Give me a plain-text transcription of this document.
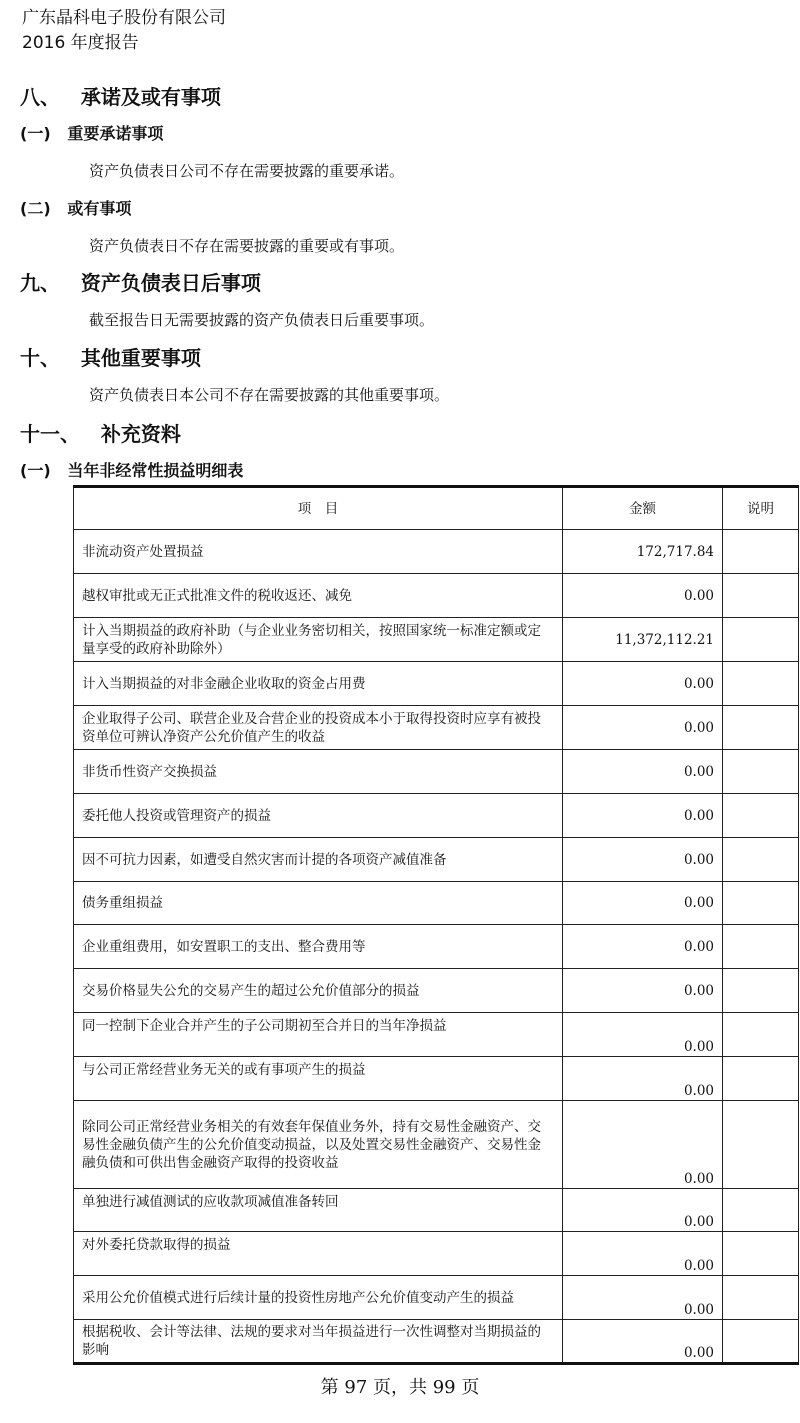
广东晶科电子股份有限公司
2016 年度报告
八、 承诺及或有事项
(一) 重要承诺事项
资产负债表日公司不存在需要披露的重要承诺。
(二) 或有事项
资产负债表日不存在需要披露的重要或有事项。
九、 资产负债表日后事项
截至报告日无需要披露的资产负债表日后重要事项。
十、 其他重要事项
资产负债表日本公司不存在需要披露的其他重要事项。
十一、 补充资料
(一) 当年非经常性损益明细表
项　目	金额	说明
非流动资产处置损益	172,717.84	
越权审批或无正式批准文件的税收返还、减免	0.00	
计入当期损益的政府补助（与企业业务密切相关，按照国家统一标准定额或定量享受的政府补助除外）	11,372,112.21	
计入当期损益的对非金融企业收取的资金占用费	0.00	
企业取得子公司、联营企业及合营企业的投资成本小于取得投资时应享有被投资单位可辨认净资产公允价值产生的收益	0.00	
非货币性资产交换损益	0.00	
委托他人投资或管理资产的损益	0.00	
因不可抗力因素，如遭受自然灾害而计提的各项资产减值准备	0.00	
债务重组损益	0.00	
企业重组费用，如安置职工的支出、整合费用等	0.00	
交易价格显失公允的交易产生的超过公允价值部分的损益	0.00	
同一控制下企业合并产生的子公司期初至合并日的当年净损益	0.00	
与公司正常经营业务无关的或有事项产生的损益	0.00	
除同公司正常经营业务相关的有效套年保值业务外，持有交易性金融资产、交易性金融负债产生的公允价值变动损益，以及处置交易性金融资产、交易性金融负债和可供出售金融资产取得的投资收益	0.00	
单独进行减值测试的应收款项减值准备转回	0.00	
对外委托贷款取得的损益	0.00	
采用公允价值模式进行后续计量的投资性房地产公允价值变动产生的损益	0.00	
根据税收、会计等法律、法规的要求对当年损益进行一次性调整对当期损益的影响	0.00	
第 97 页，共 99 页
